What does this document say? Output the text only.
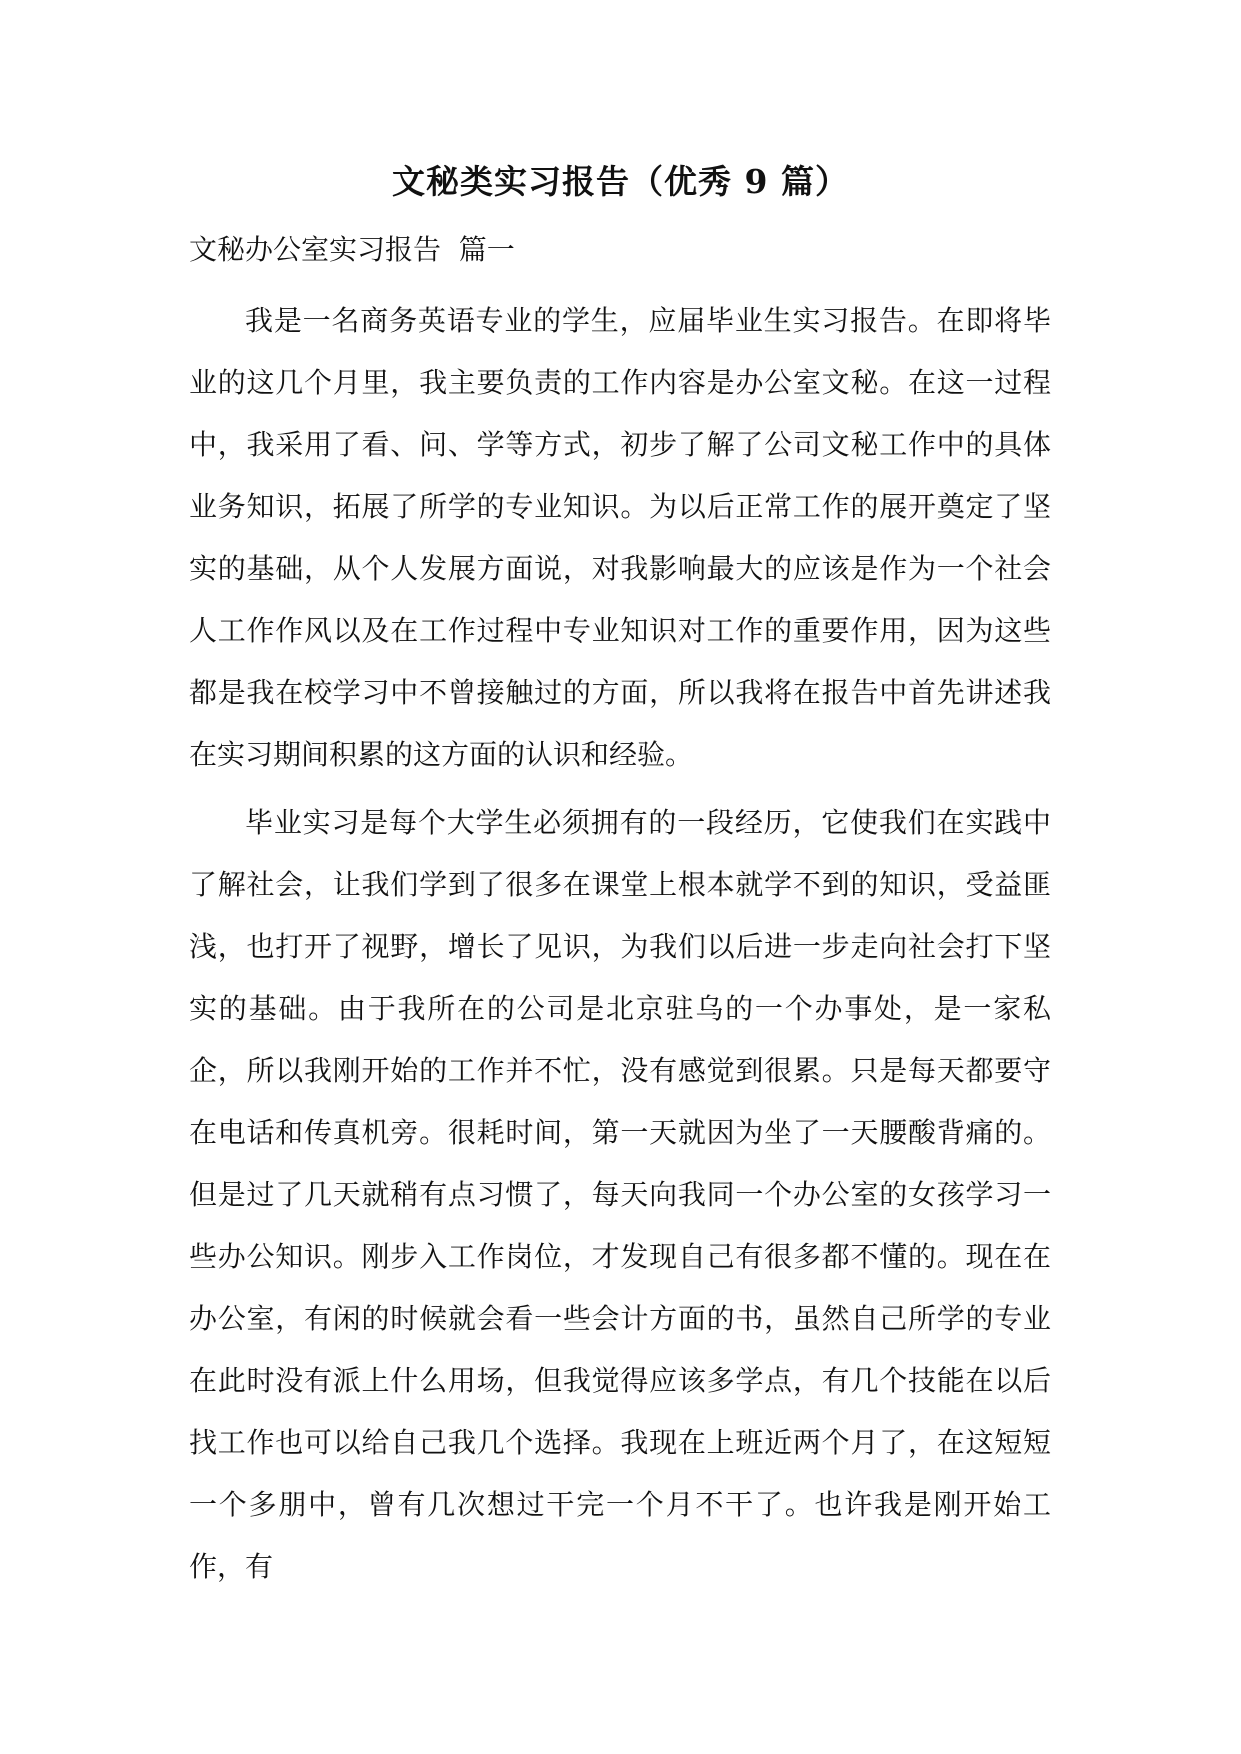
文秘类实习报告（优秀 9 篇）
文秘办公室实习报告  篇一

我是一名商务英语专业的学生，应届毕业生实习报告。在即将毕业的这几个月里，我主要负责的工作内容是办公室文秘。在这一过程中，我采用了看、问、学等方式，初步了解了公司文秘工作中的具体业务知识，拓展了所学的专业知识。为以后正常工作的展开奠定了坚实的基础，从个人发展方面说，对我影响最大的应该是作为一个社会人工作作风以及在工作过程中专业知识对工作的重要作用，因为这些都是我在校学习中不曾接触过的方面，所以我将在报告中首先讲述我在实习期间积累的这方面的认识和经验。

毕业实习是每个大学生必须拥有的一段经历，它使我们在实践中了解社会，让我们学到了很多在课堂上根本就学不到的知识，受益匪浅，也打开了视野，增长了见识，为我们以后进一步走向社会打下坚实的基础。由于我所在的公司是北京驻乌的一个办事处，是一家私企，所以我刚开始的工作并不忙，没有感觉到很累。只是每天都要守在电话和传真机旁。很耗时间，第一天就因为坐了一天腰酸背痛的。但是过了几天就稍有点习惯了，每天向我同一个办公室的女孩学习一些办公知识。刚步入工作岗位，才发现自己有很多都不懂的。现在在办公室，有闲的时候就会看一些会计方面的书，虽然自己所学的专业在此时没有派上什么用场，但我觉得应该多学点，有几个技能在以后找工作也可以给自己我几个选择。我现在上班近两个月了，在这短短一个多朋中，曾有几次想过干完一个月不干了。也许我是刚开始工作，有
